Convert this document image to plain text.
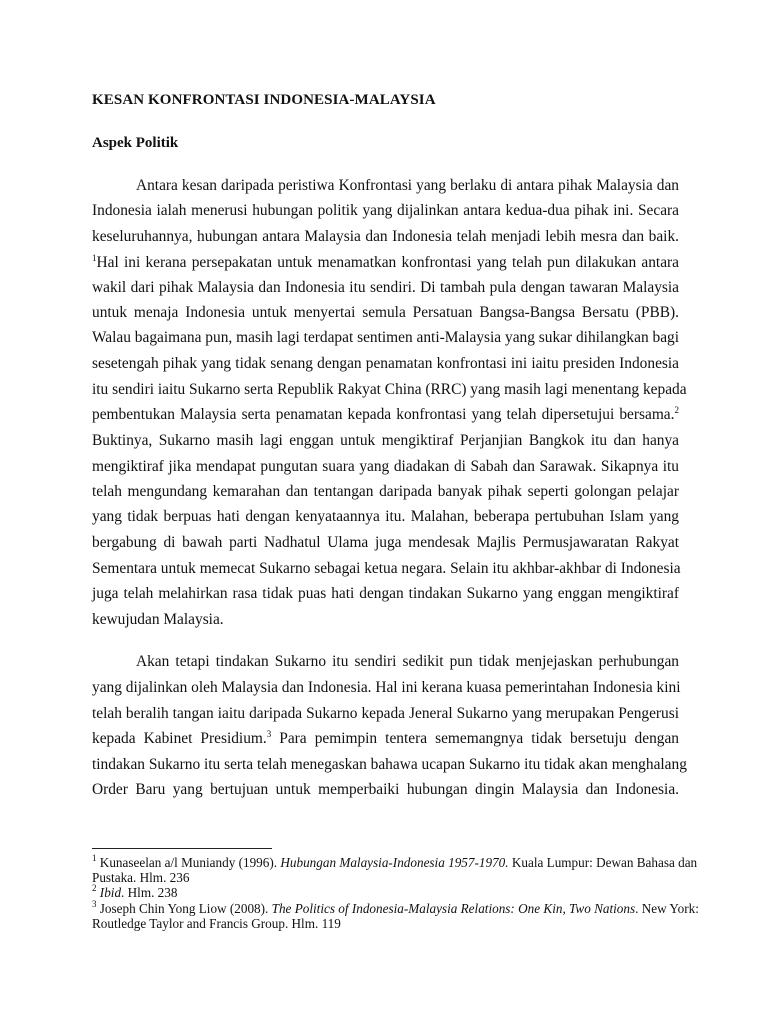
KESAN KONFRONTASI INDONESIA-MALAYSIA
Aspek Politik
Antara kesan daripada peristiwa Konfrontasi yang berlaku di antara pihak Malaysia dan
Indonesia ialah menerusi hubungan politik yang dijalinkan antara kedua-dua pihak ini. Secara
keseluruhannya, hubungan antara Malaysia dan Indonesia telah menjadi lebih mesra dan baik.
$^1$Hal ini kerana persepakatan untuk menamatkan konfrontasi yang telah pun dilakukan antara
wakil dari pihak Malaysia dan Indonesia itu sendiri. Di tambah pula dengan tawaran Malaysia
untuk menaja Indonesia untuk menyertai semula Persatuan Bangsa-Bangsa Bersatu (PBB).
Walau bagaimana pun, masih lagi terdapat sentimen anti-Malaysia yang sukar dihilangkan bagi
sesetengah pihak yang tidak senang dengan penamatan konfrontasi ini iaitu presiden Indonesia
itu sendiri iaitu Sukarno serta Republik Rakyat China (RRC) yang masih lagi menentang kepada
pembentukan Malaysia serta penamatan kepada konfrontasi yang telah dipersetujui bersama.$^2$
Buktinya, Sukarno masih lagi enggan untuk mengiktiraf Perjanjian Bangkok itu dan hanya
mengiktiraf jika mendapat pungutan suara yang diadakan di Sabah dan Sarawak. Sikapnya itu
telah mengundang kemarahan dan tentangan daripada banyak pihak seperti golongan pelajar
yang tidak berpuas hati dengan kenyataannya itu. Malahan, beberapa pertubuhan Islam yang
bergabung di bawah parti Nadhatul Ulama juga mendesak Majlis Permusjawaratan Rakyat
Sementara untuk memecat Sukarno sebagai ketua negara. Selain itu akhbar-akhbar di Indonesia
juga telah melahirkan rasa tidak puas hati dengan tindakan Sukarno yang enggan mengiktiraf
kewujudan Malaysia.
Akan tetapi tindakan Sukarno itu sendiri sedikit pun tidak menjejaskan perhubungan
yang dijalinkan oleh Malaysia dan Indonesia. Hal ini kerana kuasa pemerintahan Indonesia kini
telah beralih tangan iaitu daripada Sukarno kepada Jeneral Sukarno yang merupakan Pengerusi
kepada Kabinet Presidium.$^3$ Para pemimpin tentera sememangnya tidak bersetuju dengan
tindakan Sukarno itu serta telah menegaskan bahawa ucapan Sukarno itu tidak akan menghalang
Order Baru yang bertujuan untuk memperbaiki hubungan dingin Malaysia dan Indonesia.
$^1$ Kunaseelan a/l Muniandy (1996). Hubungan Malaysia-Indonesia 1957-1970. Kuala Lumpur: Dewan Bahasa dan
Pustaka. Hlm. 236
$^2$ Ibid. Hlm. 238
$^3$ Joseph Chin Yong Liow (2008). The Politics of Indonesia-Malaysia Relations: One Kin, Two Nations. New York:
Routledge Taylor and Francis Group. Hlm. 119
